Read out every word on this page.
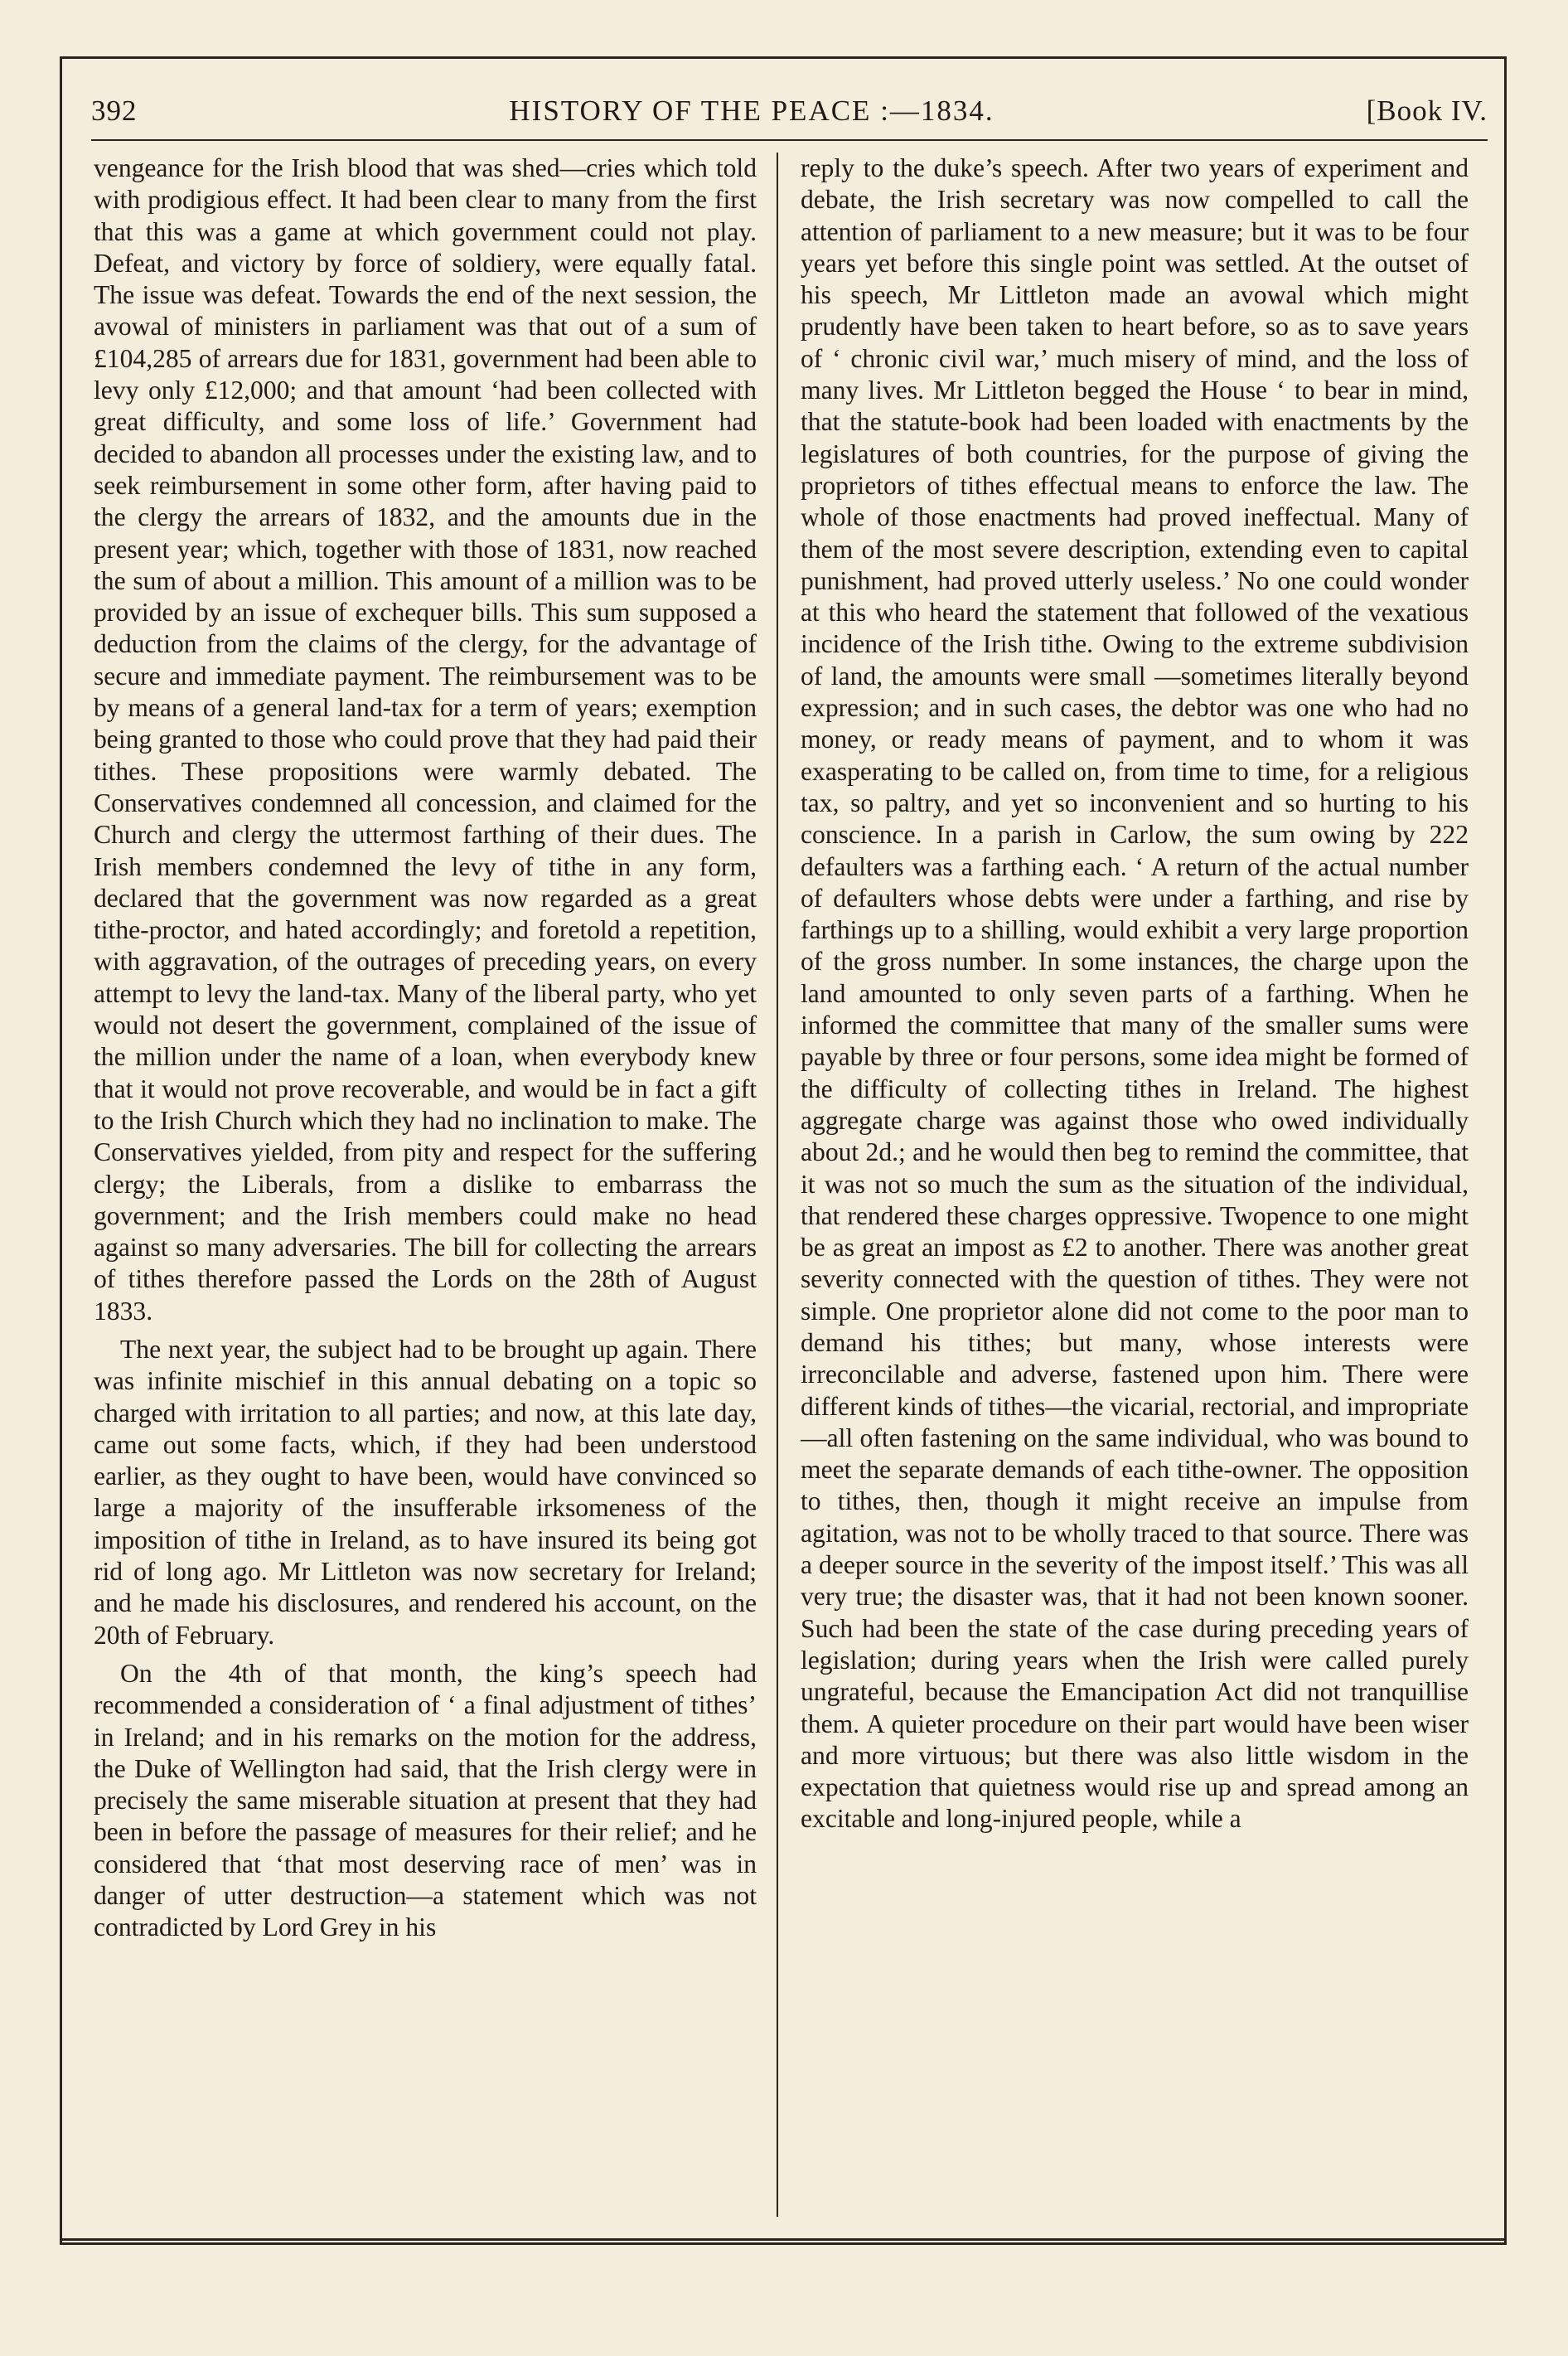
392	HISTORY OF THE PEACE :—1834.	[Book IV.

vengeance for the Irish blood that was shed—cries which told with prodigious effect. It had been clear to many from the first that this was a game at which government could not play. Defeat, and victory by force of soldiery, were equally fatal. The issue was defeat. Towards the end of the next session, the avowal of ministers in parliament was that out of a sum of £104,285 of arrears due for 1831, government had been able to levy only £12,000; and that amount ‘had been collected with great difficulty, and some loss of life.’ Government had decided to abandon all processes under the existing law, and to seek reimbursement in some other form, after having paid to the clergy the arrears of 1832, and the amounts due in the present year; which, together with those of 1831, now reached the sum of about a million. This amount of a million was to be provided by an issue of exchequer bills. This sum supposed a deduction from the claims of the clergy, for the advantage of secure and immediate payment. The reimbursement was to be by means of a general land-tax for a term of years; exemption being granted to those who could prove that they had paid their tithes. These propositions were warmly debated. The Conservatives condemned all concession, and claimed for the Church and clergy the uttermost farthing of their dues. The Irish members condemned the levy of tithe in any form, declared that the government was now regarded as a great tithe-proctor, and hated accordingly; and foretold a repetition, with aggravation, of the outrages of preceding years, on every attempt to levy the land-tax. Many of the liberal party, who yet would not desert the government, complained of the issue of the million under the name of a loan, when everybody knew that it would not prove recoverable, and would be in fact a gift to the Irish Church which they had no inclination to make. The Conservatives yielded, from pity and respect for the suffering clergy; the Liberals, from a dislike to embarrass the government; and the Irish members could make no head against so many adversaries. The bill for collecting the arrears of tithes therefore passed the Lords on the 28th of August 1833.

The next year, the subject had to be brought up again. There was infinite mischief in this annual debating on a topic so charged with irritation to all parties; and now, at this late day, came out some facts, which, if they had been understood earlier, as they ought to have been, would have convinced so large a majority of the insufferable irksomeness of the imposition of tithe in Ireland, as to have insured its being got rid of long ago. Mr Littleton was now secretary for Ireland; and he made his disclosures, and rendered his account, on the 20th of February.

On the 4th of that month, the king’s speech had recommended a consideration of ‘ a final adjustment of tithes’ in Ireland; and in his remarks on the motion for the address, the Duke of Wellington had said, that the Irish clergy were in precisely the same miserable situation at present that they had been in before the passage of measures for their relief; and he considered that ‘that most deserving race of men’ was in danger of utter destruction—a statement which was not contradicted by Lord Grey in his

reply to the duke’s speech. After two years of experiment and debate, the Irish secretary was now compelled to call the attention of parliament to a new measure; but it was to be four years yet before this single point was settled. At the outset of his speech, Mr Littleton made an avowal which might prudently have been taken to heart before, so as to save years of ‘ chronic civil war,’ much misery of mind, and the loss of many lives. Mr Littleton begged the House ‘ to bear in mind, that the statute-book had been loaded with enactments by the legislatures of both countries, for the purpose of giving the proprietors of tithes effectual means to enforce the law. The whole of those enactments had proved ineffectual. Many of them of the most severe description, extending even to capital punishment, had proved utterly useless.’ No one could wonder at this who heard the statement that followed of the vexatious incidence of the Irish tithe. Owing to the extreme subdivision of land, the amounts were small —sometimes literally beyond expression; and in such cases, the debtor was one who had no money, or ready means of payment, and to whom it was exasperating to be called on, from time to time, for a religious tax, so paltry, and yet so inconvenient and so hurting to his conscience. In a parish in Carlow, the sum owing by 222 defaulters was a farthing each. ‘ A return of the actual number of defaulters whose debts were under a farthing, and rise by farthings up to a shilling, would exhibit a very large proportion of the gross number. In some instances, the charge upon the land amounted to only seven parts of a farthing. When he informed the committee that many of the smaller sums were payable by three or four persons, some idea might be formed of the difficulty of collecting tithes in Ireland. The highest aggregate charge was against those who owed individually about 2d.; and he would then beg to remind the committee, that it was not so much the sum as the situation of the individual, that rendered these charges oppressive. Twopence to one might be as great an impost as £2 to another. There was another great severity connected with the question of tithes. They were not simple. One proprietor alone did not come to the poor man to demand his tithes; but many, whose interests were irreconcilable and adverse, fastened upon him. There were different kinds of tithes—the vicarial, rectorial, and impropriate—all often fastening on the same individual, who was bound to meet the separate demands of each tithe-owner. The opposition to tithes, then, though it might receive an impulse from agitation, was not to be wholly traced to that source. There was a deeper source in the severity of the impost itself.’ This was all very true; the disaster was, that it had not been known sooner. Such had been the state of the case during preceding years of legislation; during years when the Irish were called purely ungrateful, because the Emancipation Act did not tranquillise them. A quieter procedure on their part would have been wiser and more virtuous; but there was also little wisdom in the expectation that quietness would rise up and spread among an excitable and long-injured people, while a
